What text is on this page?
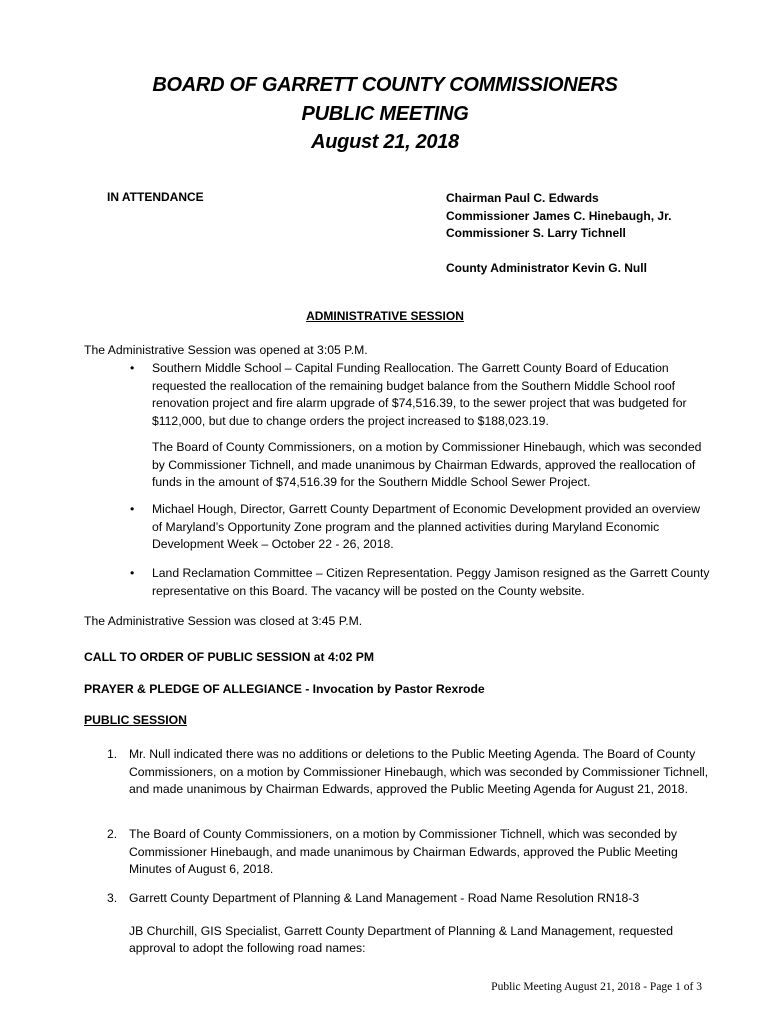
BOARD OF GARRETT COUNTY COMMISSIONERS
PUBLIC MEETING
August 21, 2018
IN ATTENDANCE	Chairman Paul C. Edwards
Commissioner James C. Hinebaugh, Jr.
Commissioner S. Larry Tichnell
County Administrator Kevin G. Null
ADMINISTRATIVE SESSION
The Administrative Session was opened at 3:05 P.M.
• Southern Middle School – Capital Funding Reallocation. The Garrett County Board of Education requested the reallocation of the remaining budget balance from the Southern Middle School roof renovation project and fire alarm upgrade of $74,516.39, to the sewer project that was budgeted for $112,000, but due to change orders the project increased to $188,023.19.

The Board of County Commissioners, on a motion by Commissioner Hinebaugh, which was seconded by Commissioner Tichnell, and made unanimous by Chairman Edwards, approved the reallocation of funds in the amount of $74,516.39 for the Southern Middle School Sewer Project.

• Michael Hough, Director, Garrett County Department of Economic Development provided an overview of Maryland’s Opportunity Zone program and the planned activities during Maryland Economic Development Week – October 22 - 26, 2018.

• Land Reclamation Committee – Citizen Representation. Peggy Jamison resigned as the Garrett County representative on this Board. The vacancy will be posted on the County website.

The Administrative Session was closed at 3:45 P.M.
CALL TO ORDER OF PUBLIC SESSION at 4:02 PM
PRAYER & PLEDGE OF ALLEGIANCE - Invocation by Pastor Rexrode
PUBLIC SESSION
1. Mr. Null indicated there was no additions or deletions to the Public Meeting Agenda. The Board of County Commissioners, on a motion by Commissioner Hinebaugh, which was seconded by Commissioner Tichnell, and made unanimous by Chairman Edwards, approved the Public Meeting Agenda for August 21, 2018.

2. The Board of County Commissioners, on a motion by Commissioner Tichnell, which was seconded by Commissioner Hinebaugh, and made unanimous by Chairman Edwards, approved the Public Meeting Minutes of August 6, 2018.

3. Garrett County Department of Planning & Land Management - Road Name Resolution RN18-3

JB Churchill, GIS Specialist, Garrett County Department of Planning & Land Management, requested approval to adopt the following road names:

Public Meeting August 21, 2018 - Page 1 of 3
